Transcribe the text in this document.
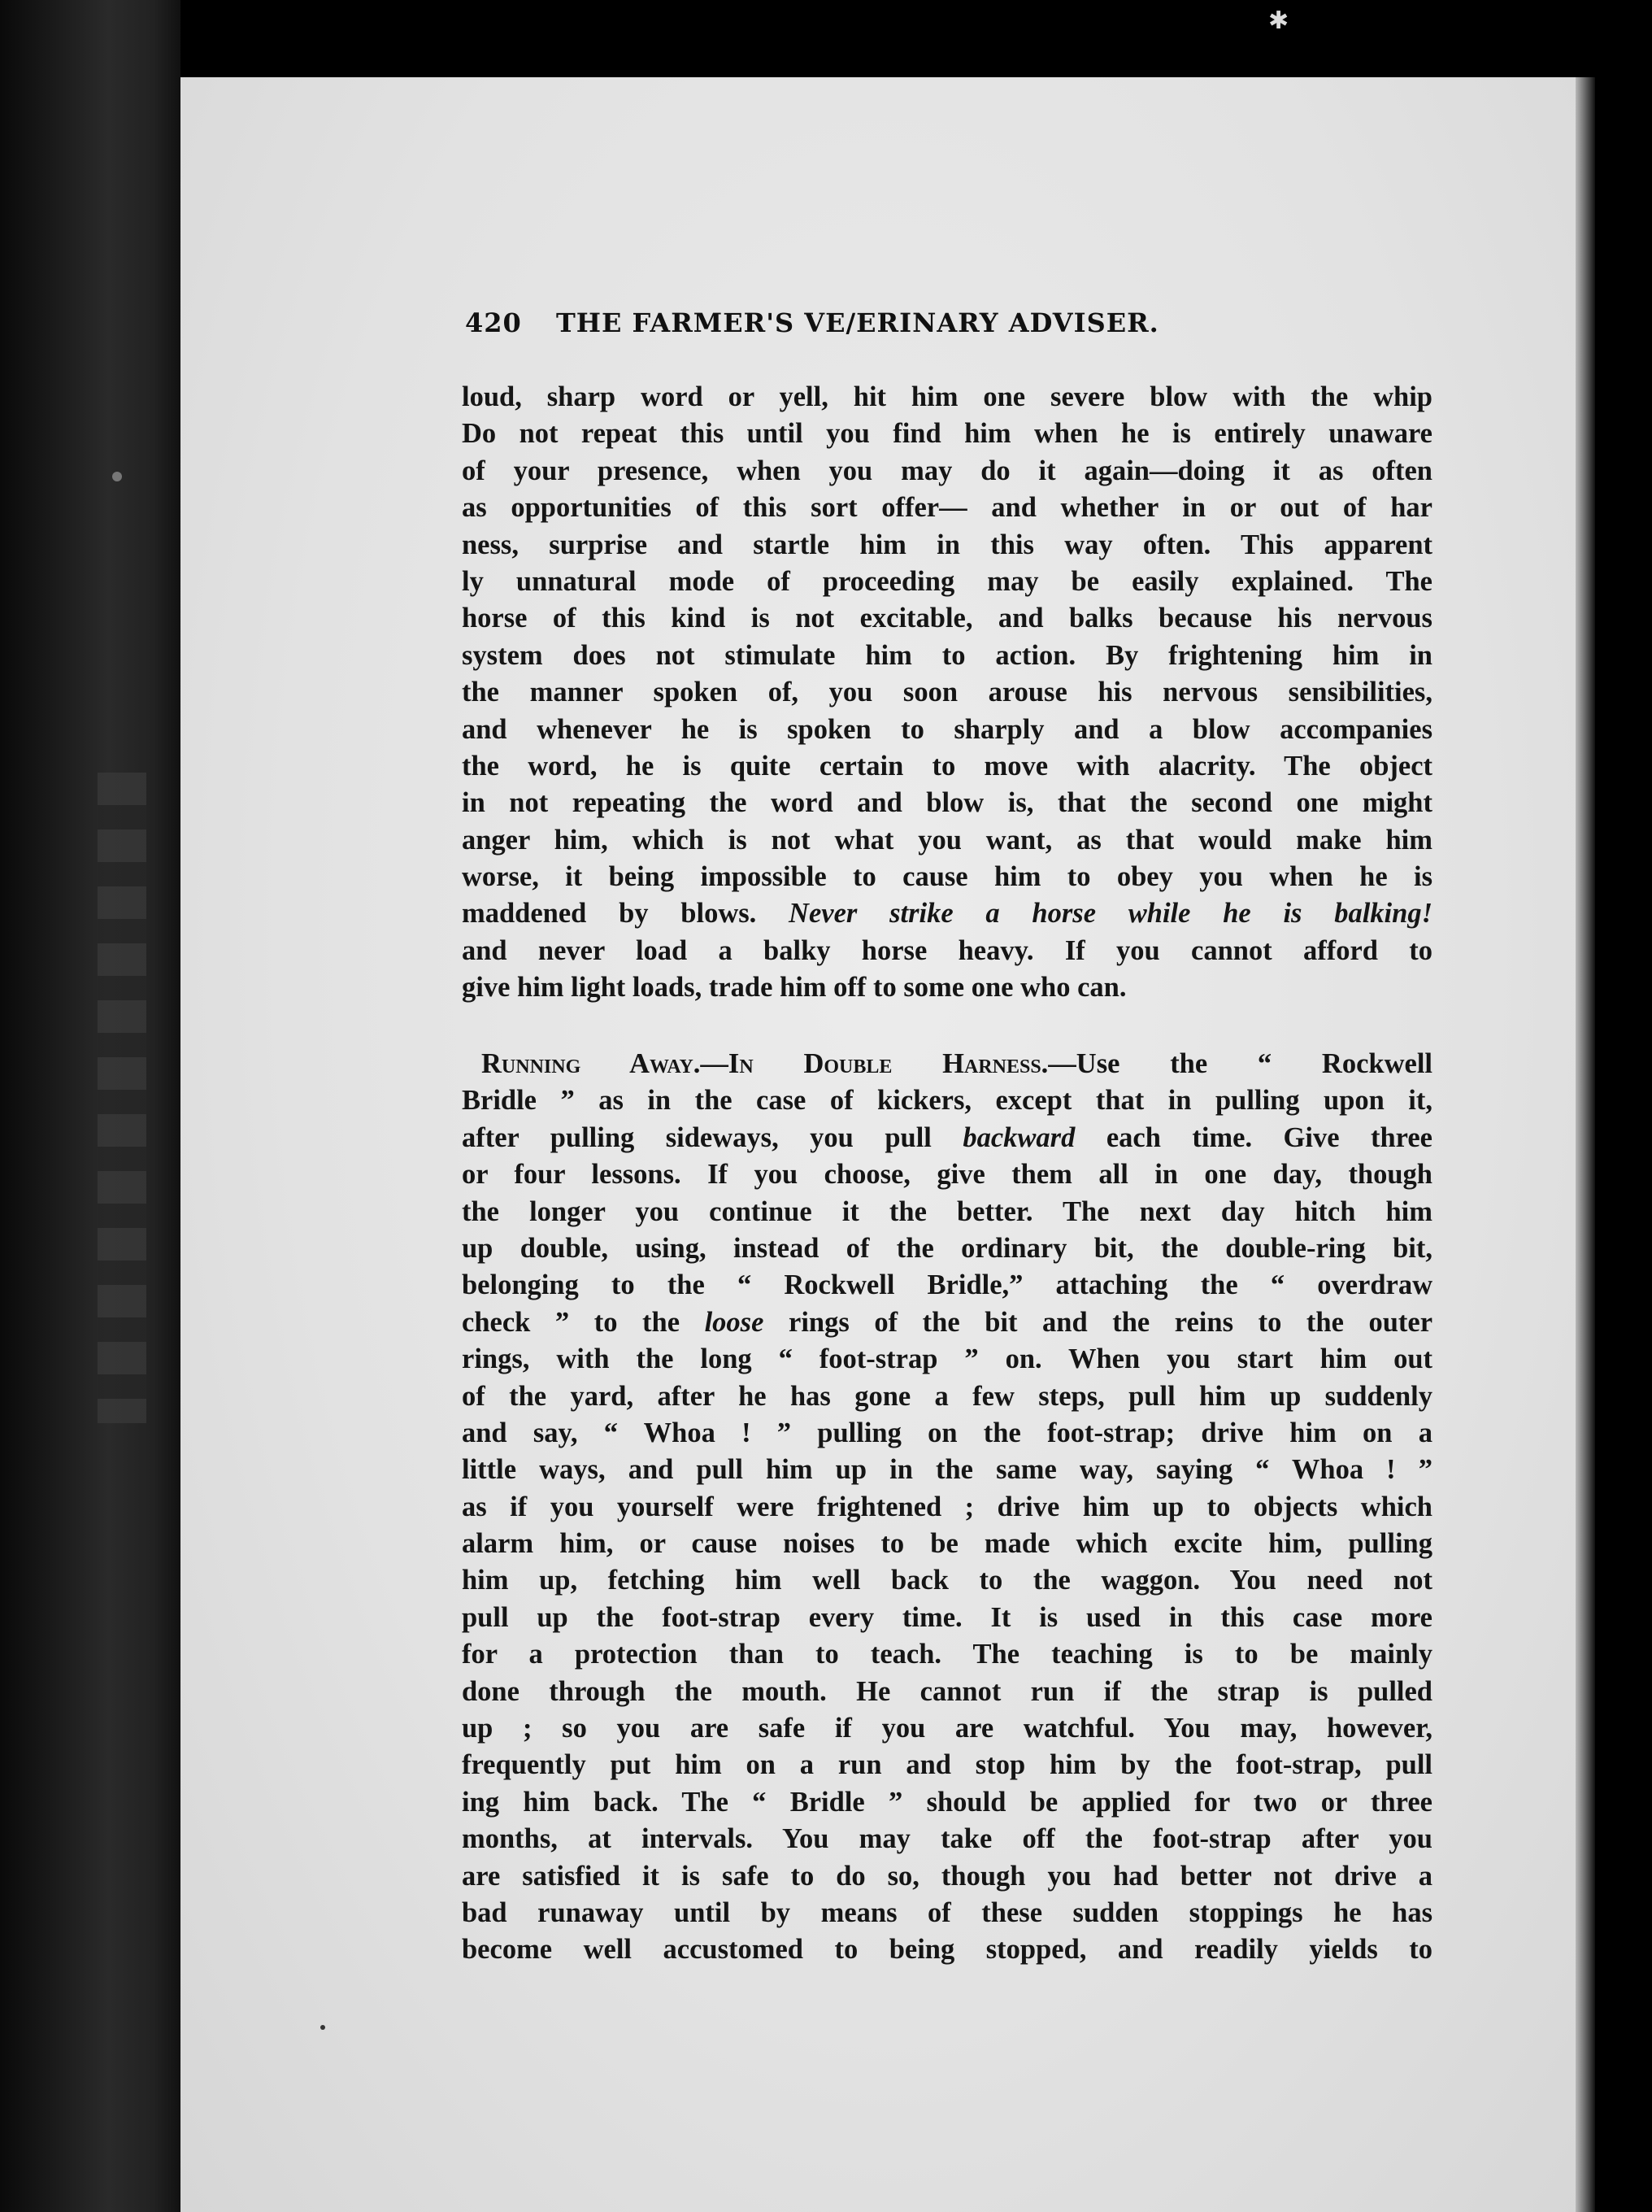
✱
420 THE FARMER'S VE/ERINARY ADVISER.
loud, sharp word or yell, hit him one severe blow with the whip
Do not repeat this until you find him when he is entirely unaware
of your presence, when you may do it again—doing it as often
as opportunities of this sort offer— and whether in or out of har
ness, surprise and startle him in this way often. This apparent
ly unnatural mode of proceeding may be easily explained. The
horse of this kind is not excitable, and balks because his nervous
system does not stimulate him to action. By frightening him in
the manner spoken of, you soon arouse his nervous sensibilities,
and whenever he is spoken to sharply and a blow accompanies
the word, he is quite certain to move with alacrity. The object
in not repeating the word and blow is, that the second one might
anger him, which is not what you want, as that would make him
worse, it being impossible to cause him to obey you when he is
maddened by blows. Never strike a horse while he is balking!
and never load a balky horse heavy. If you cannot afford to
give him light loads, trade him off to some one who can.
Running Away.—In Double Harness.—Use the “ Rockwell
Bridle ” as in the case of kickers, except that in pulling upon it,
after pulling sideways, you pull backward each time. Give three
or four lessons. If you choose, give them all in one day, though
the longer you continue it the better. The next day hitch him
up double, using, instead of the ordinary bit, the double-ring bit,
belonging to the “ Rockwell Bridle,” attaching the “ overdraw
check ” to the loose rings of the bit and the reins to the outer
rings, with the long “ foot-strap ” on. When you start him out
of the yard, after he has gone a few steps, pull him up suddenly
and say, “ Whoa ! ” pulling on the foot-strap; drive him on a
little ways, and pull him up in the same way, saying “ Whoa ! ”
as if you yourself were frightened ; drive him up to objects which
alarm him, or cause noises to be made which excite him, pulling
him up, fetching him well back to the waggon. You need not
pull up the foot-strap every time. It is used in this case more
for a protection than to teach. The teaching is to be mainly
done through the mouth. He cannot run if the strap is pulled
up ; so you are safe if you are watchful. You may, however,
frequently put him on a run and stop him by the foot-strap, pull
ing him back. The “ Bridle ” should be applied for two or three
months, at intervals. You may take off the foot-strap after you
are satisfied it is safe to do so, though you had better not drive a
bad runaway until by means of these sudden stoppings he has
become well accustomed to being stopped, and readily yields to
